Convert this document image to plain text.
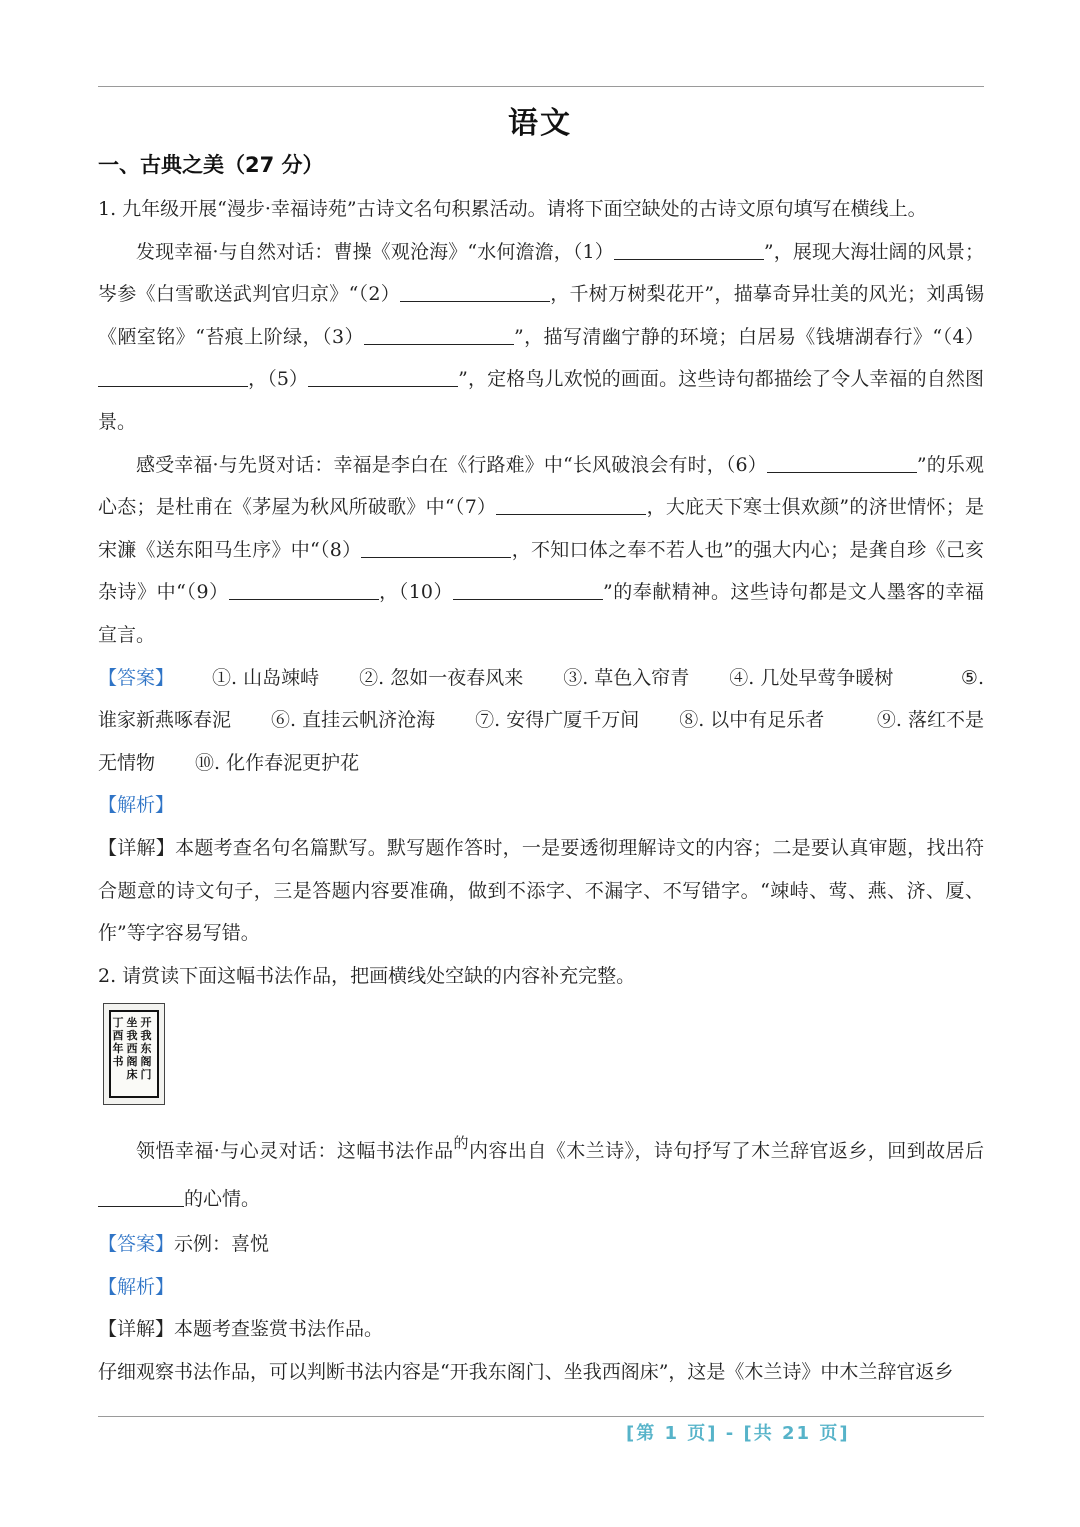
语文

一、古典之美（27 分）

1. 九年级开展“漫步·幸福诗苑”古诗文名句积累活动。请将下面空缺处的古诗文原句填写在横线上。

发现幸福·与自然对话：曹操《观沧海》“水何澹澹，（1）	”，展现大海壮阔的风景；岑参《白雪歌送武判官归京》“（2）	，千树万树梨花开”，描摹奇异壮美的风光；刘禹锡《陋室铭》“苔痕上阶绿，（3）	”，描写清幽宁静的环境；白居易《钱塘湖春行》“（4），（5）	”，定格鸟儿欢悦的画面。这些诗句都描绘了令人幸福的自然图景。

感受幸福·与先贤对话：幸福是李白在《行路难》中“长风破浪会有时，（6）	”的乐观心态；是杜甫在《茅屋为秋风所破歌》中“（7）	，大庇天下寒士俱欢颜”的济世情怀；是宋濂《送东阳马生序》中“（8）	，不知口体之奉不若人也”的强大内心；是龚自珍《己亥杂诗》中“（9）	，（10）	”的奉献精神。这些诗句都是文人墨客的幸福宣言。

【答案】 ①. 山岛竦峙 ②. 忽如一夜春风来 ③. 草色入帘青 ④. 几处早莺争暖树	⑤.

谁家新燕啄春泥 ⑥. 直挂云帆济沧海 ⑦. 安得广厦千万间 ⑧. 以中有足乐者	⑨. 落红不是

无情物 ⑩. 化作春泥更护花

【解析】

【详解】本题考查名句名篇默写。默写题作答时，一是要透彻理解诗文的内容；二是要认真审题，找出符合题意的诗文句子，三是答题内容要准确，做到不添字、不漏字、不写错字。“竦峙、莺、燕、济、厦、作”等字容易写错。

2. 请赏读下面这幅书法作品，把画横线处空缺的内容补充完整。

开我东阁门
坐我西阁床
丁酉年书

领悟幸福·与心灵对话：这幅书法作品$^的$内容出自《木兰诗》，诗句抒写了木兰辞官返乡，回到故居后的心情。

【答案】示例：喜悦

【解析】

【详解】本题考查鉴赏书法作品。

仔细观察书法作品，可以判断书法内容是“开我东阁门、坐我西阁床”，这是《木兰诗》中木兰辞官返乡

[第 1 页] - [共 21 页]
